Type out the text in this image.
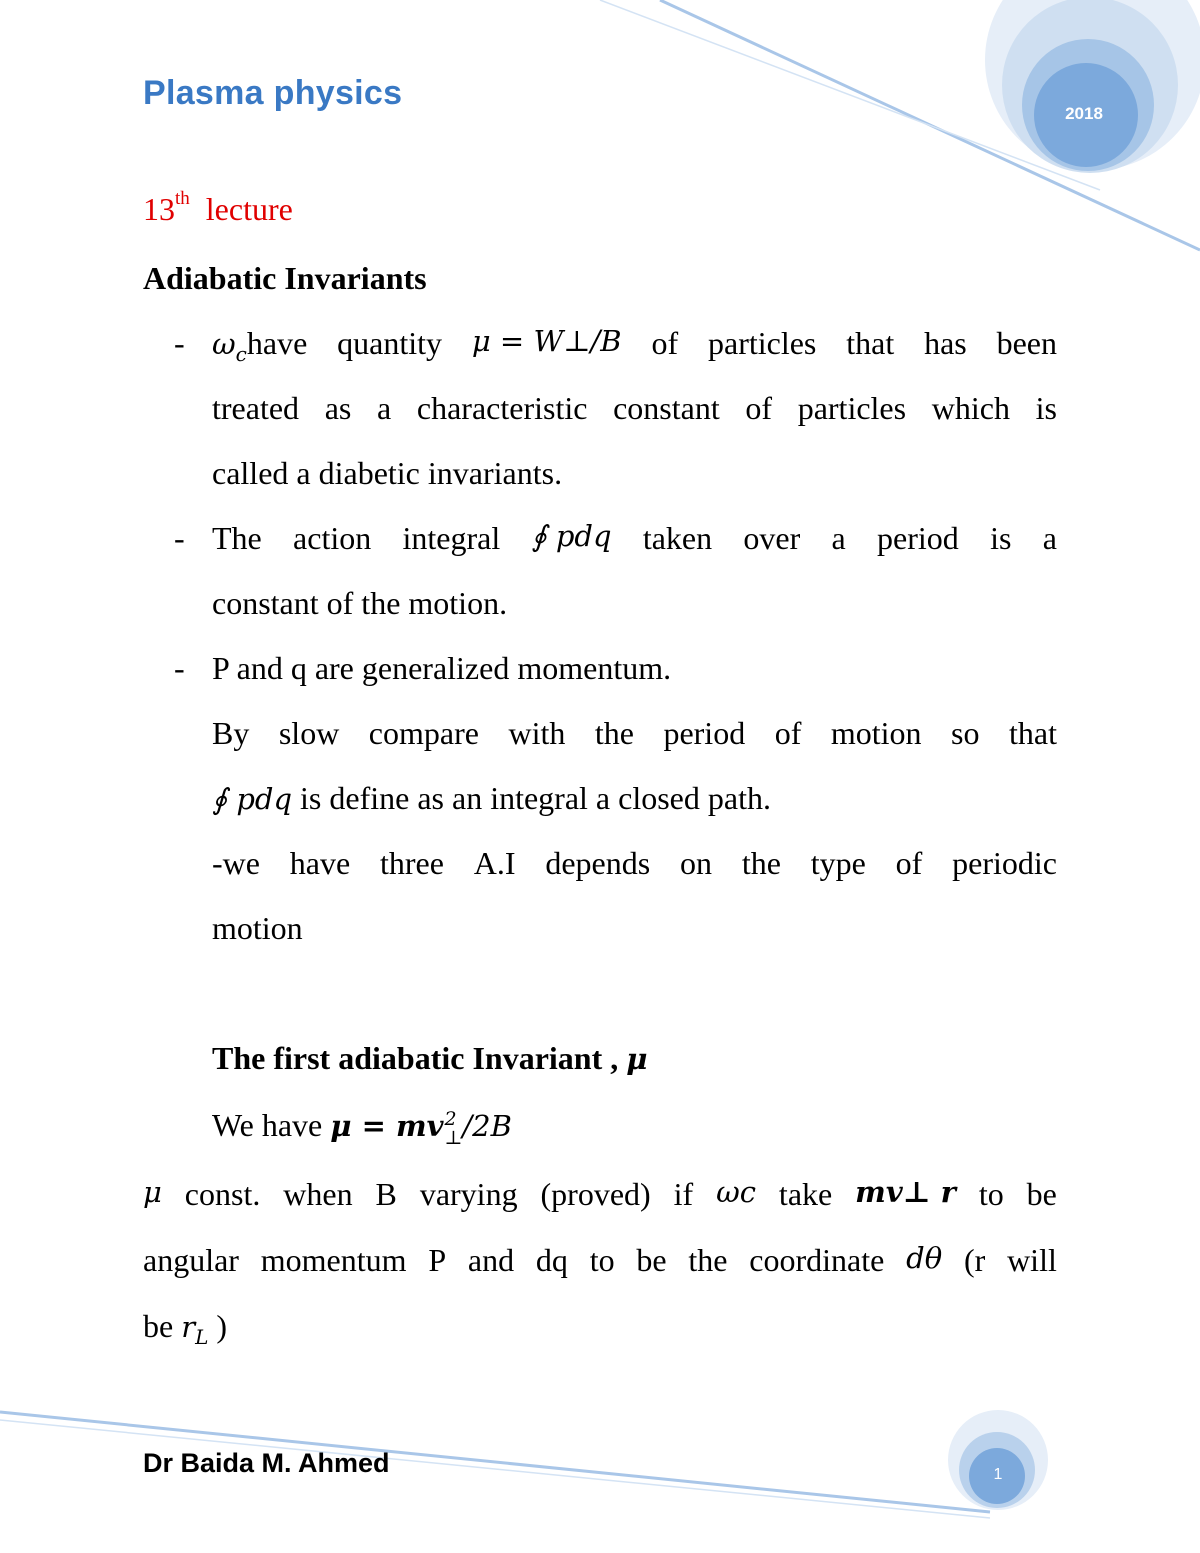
Plasma physics
2018
13th lecture
Adiabatic Invariants
- $\omega_chave$ quantity μ = W⊥/B of particles that has been
treated as a characteristic constant of particles which is
called a diabetic invariants.
- The action integral ∮ pdq taken over a period is a
constant of the motion.
- P and q are generalized momentum.
By slow compare with the period of motion so that
∮ pdq is define as an integral a closed path.
-we have three A.I depends on the type of periodic
motion
The first adiabatic Invariant , μ
We have μ = mv 2
⊥ /2B
μ const. when B varying (proved) if ωc take mv⊥ r to be
angular momentum P and dq to be the coordinate dθ (r will
be $r_L$ )
Dr Baida M. Ahmed	1
